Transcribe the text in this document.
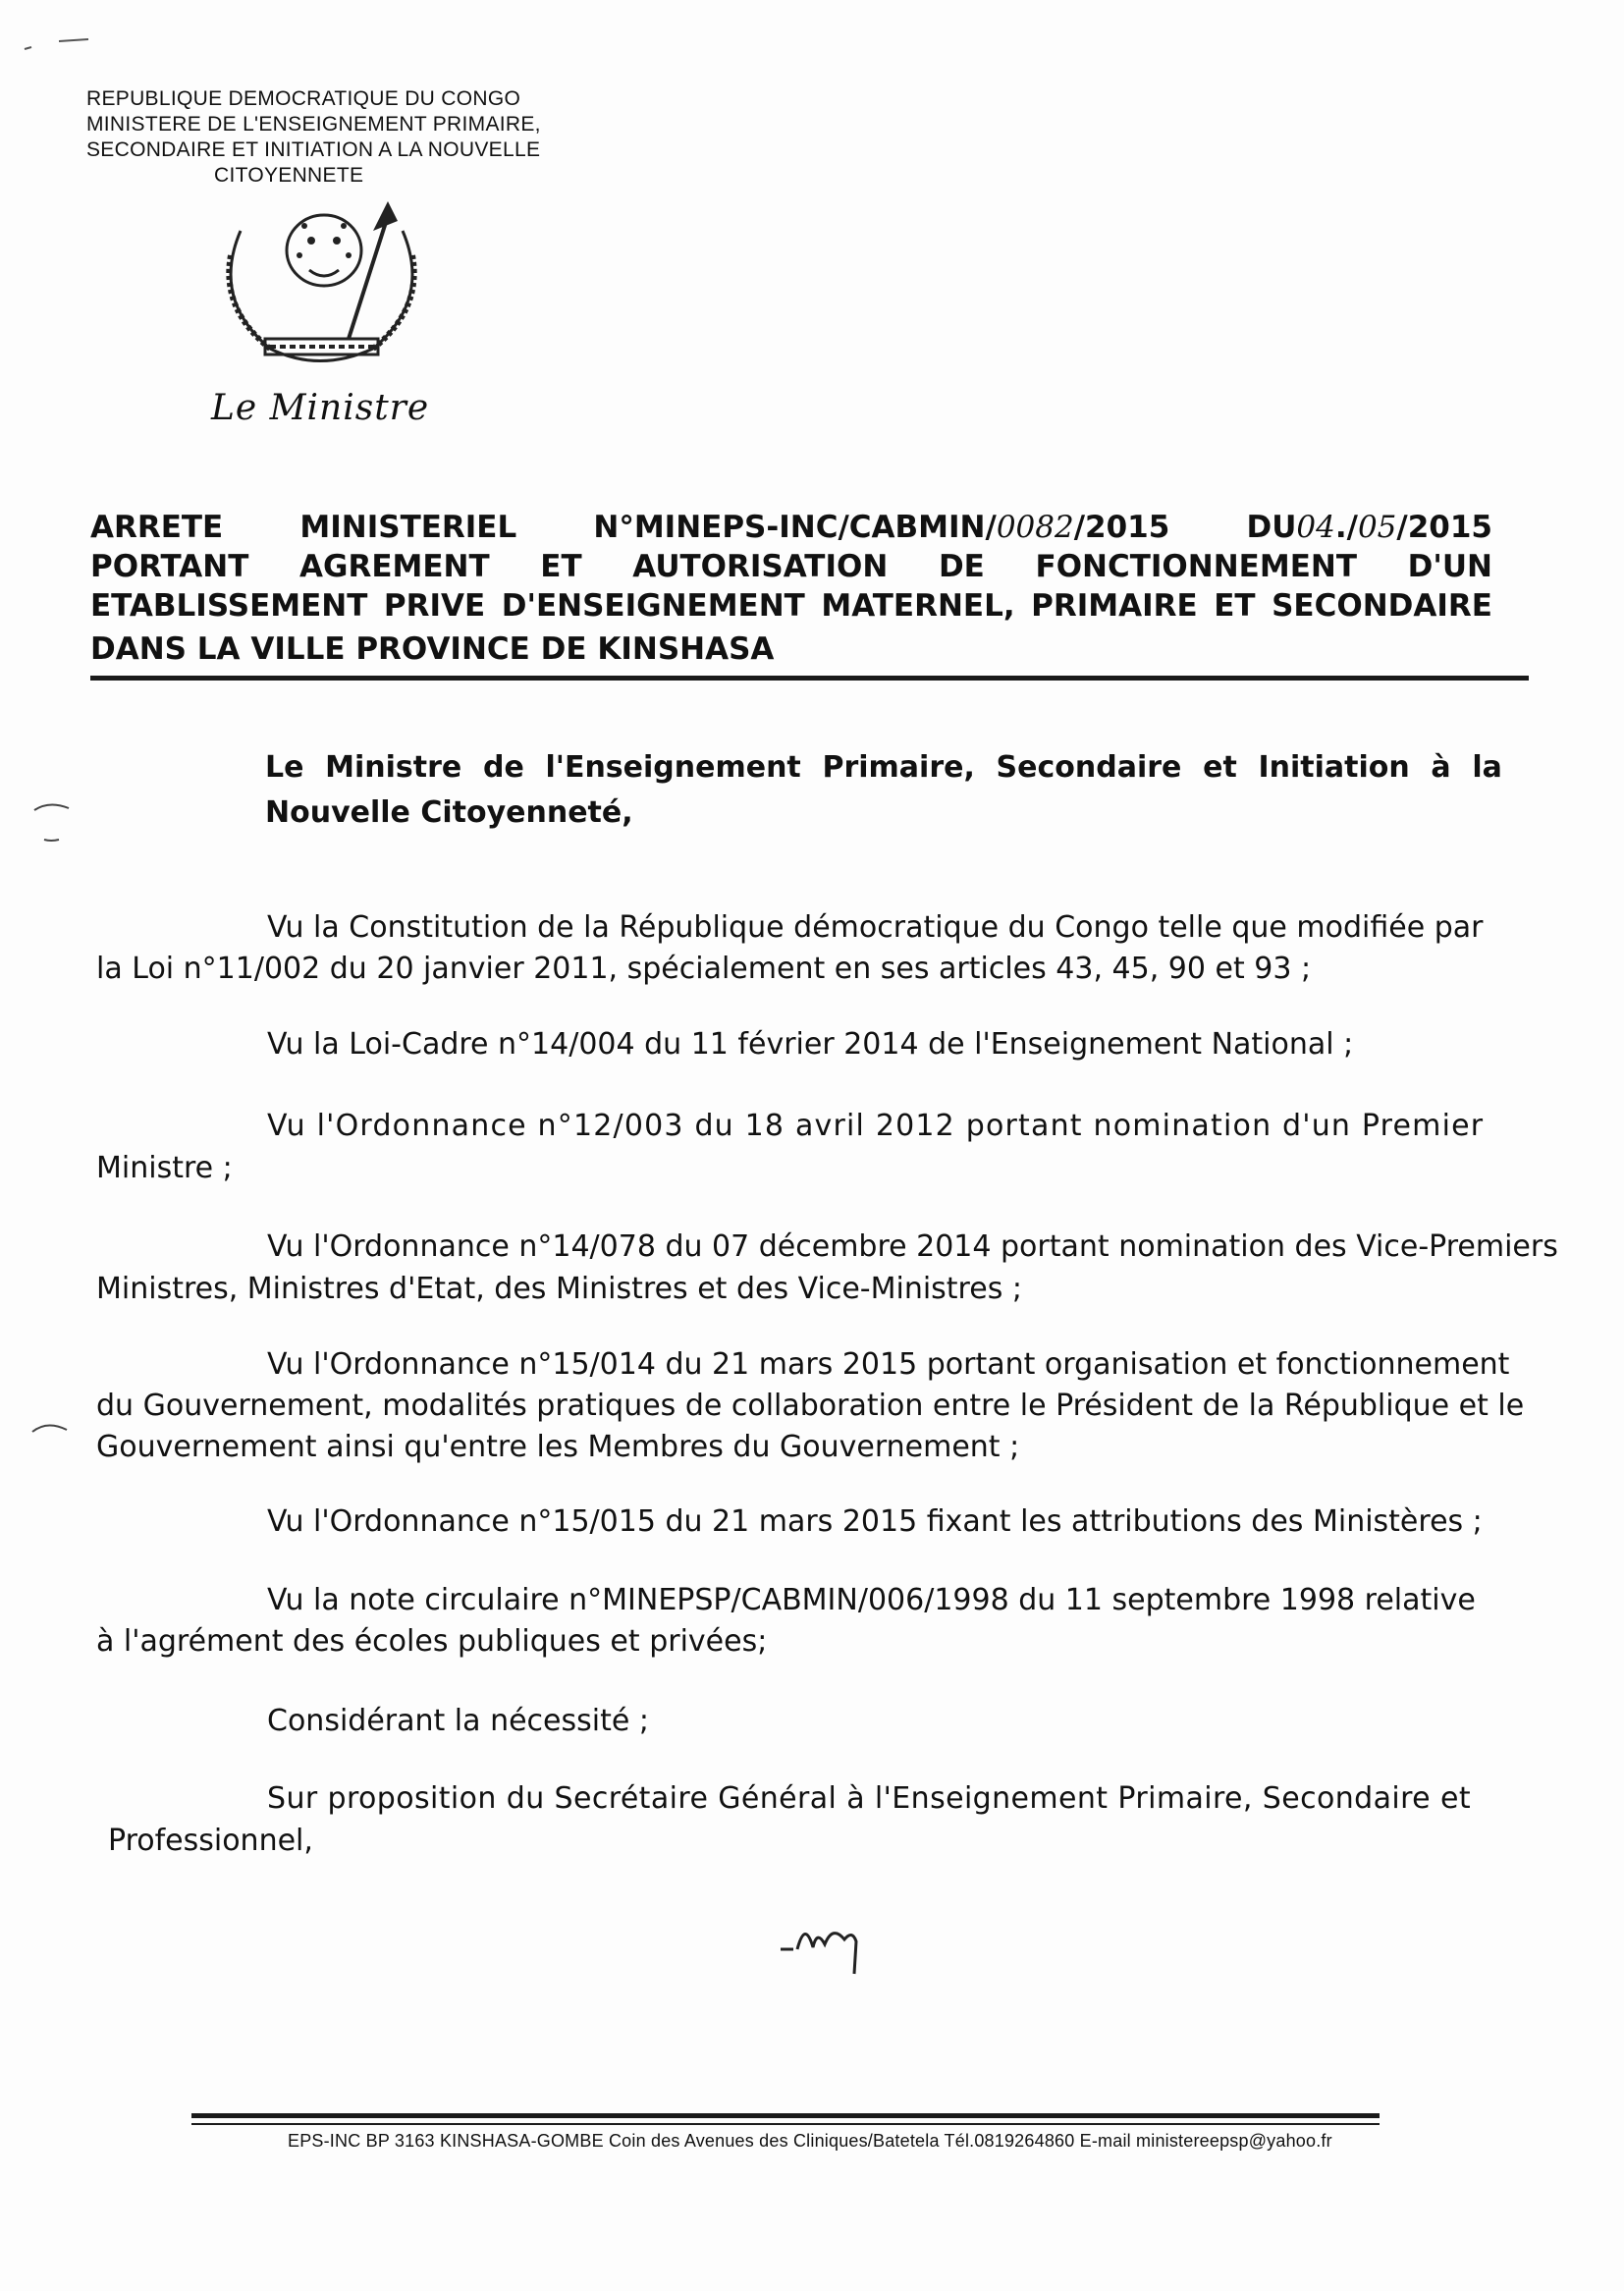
REPUBLIQUE DEMOCRATIQUE DU CONGO
MINISTERE DE L'ENSEIGNEMENT PRIMAIRE,
SECONDAIRE ET INITIATION A LA NOUVELLE
CITOYENNETE
Le Ministre
ARRETE	MINISTERIEL	N°MINEPS-INC/CABMIN/0082/2015	DU04./05/2015
PORTANT AGREMENT ET AUTORISATION DE FONCTIONNEMENT D'UN
ETABLISSEMENT PRIVE D'ENSEIGNEMENT MATERNEL, PRIMAIRE ET SECONDAIRE
DANS LA VILLE PROVINCE DE KINSHASA
Le Ministre de l'Enseignement Primaire, Secondaire et Initiation à la
Nouvelle Citoyenneté,
Vu la Constitution de la République démocratique du Congo telle que modifiée par
la Loi n°11/002 du 20 janvier 2011, spécialement en ses articles 43, 45, 90 et 93 ;
Vu la Loi-Cadre n°14/004 du 11 février 2014 de l'Enseignement National ;
Vu l'Ordonnance n°12/003 du 18 avril 2012 portant nomination d'un Premier
Ministre ;
Vu l'Ordonnance n°14/078 du 07 décembre 2014 portant nomination des Vice-Premiers
Ministres, Ministres d'Etat, des Ministres et des Vice-Ministres ;
Vu l'Ordonnance n°15/014 du 21 mars 2015 portant organisation et fonctionnement
du Gouvernement, modalités pratiques de collaboration entre le Président de la République et le
Gouvernement ainsi qu'entre les Membres du Gouvernement ;
Vu l'Ordonnance n°15/015 du 21 mars 2015 fixant les attributions des Ministères ;
Vu la note circulaire n°MINEPSP/CABMIN/006/1998 du 11 septembre 1998 relative
à l'agrément des écoles publiques et privées;
Considérant la nécessité ;
Sur proposition du Secrétaire Général à l'Enseignement Primaire, Secondaire et
Professionnel,
EPS-INC BP 3163 KINSHASA-GOMBE Coin des Avenues des Cliniques/Batetela Tél.0819264860 E-mail ministereepsp@yahoo.fr
